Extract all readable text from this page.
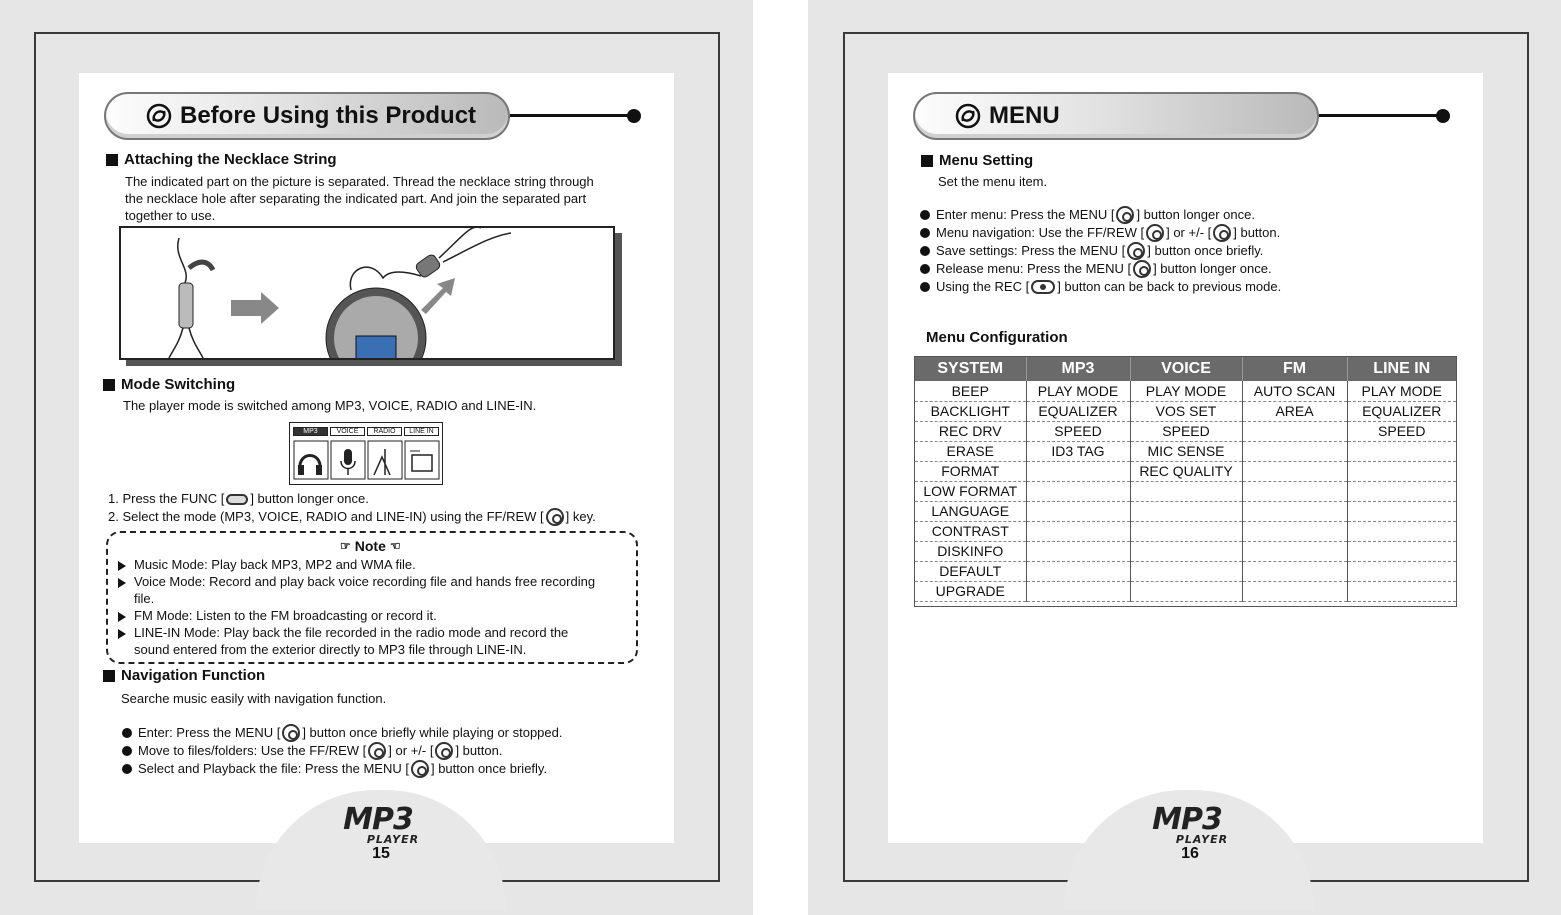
Before Using this Product
Attaching the Necklace String
The indicated part on the picture is separated. Thread the necklace string through
the necklace hole after separating the indicated part. And join the separated part
together to use.
Mode Switching
The player mode is switched among MP3, VOICE, RADIO and LINE-IN.
MP3	VOICE	RADIO	LINE IN
1. Press the FUNC [ ] button longer once.
2. Select the mode (MP3, VOICE, RADIO and LINE-IN) using the FF/REW [ ] key.
☞ Note ☜
Music Mode: Play back MP3, MP2 and WMA file.
Voice Mode: Record and play back voice recording file and hands free recording
file.
FM Mode: Listen to the FM broadcasting or record it.
LINE-IN Mode: Play back the file recorded in the radio mode and record the
sound entered from the exterior directly to MP3 file through LINE-IN.
Navigation Function
Searche music easily with navigation function.
Enter: Press the MENU [ ] button once briefly while playing or stopped.
Move to files/folders: Use the FF/REW [ ] or +/- [ ] button.
Select and Playback the file: Press the MENU [ ] button once briefly.
MP3
PLAYER
15
MENU
Menu Setting
Set the menu item.
Enter menu: Press the MENU [ ] button longer once.
Menu navigation: Use the FF/REW [ ] or +/- [ ] button.
Save settings: Press the MENU [ ] button once briefly.
Release menu: Press the MENU [ ] button longer once.
Using the REC [ ] button can be back to previous mode.
Menu Configuration
SYSTEM	MP3	VOICE	FM	LINE IN
BEEP	PLAY MODE	PLAY MODE	AUTO SCAN	PLAY MODE
BACKLIGHT	EQUALIZER	VOS SET	AREA	EQUALIZER
REC DRV	SPEED	SPEED		SPEED
ERASE	ID3 TAG	MIC SENSE		
FORMAT		REC QUALITY		
LOW FORMAT				
LANGUAGE				
CONTRAST				
DISKINFO				
DEFAULT				
UPGRADE				
MP3
PLAYER
16
